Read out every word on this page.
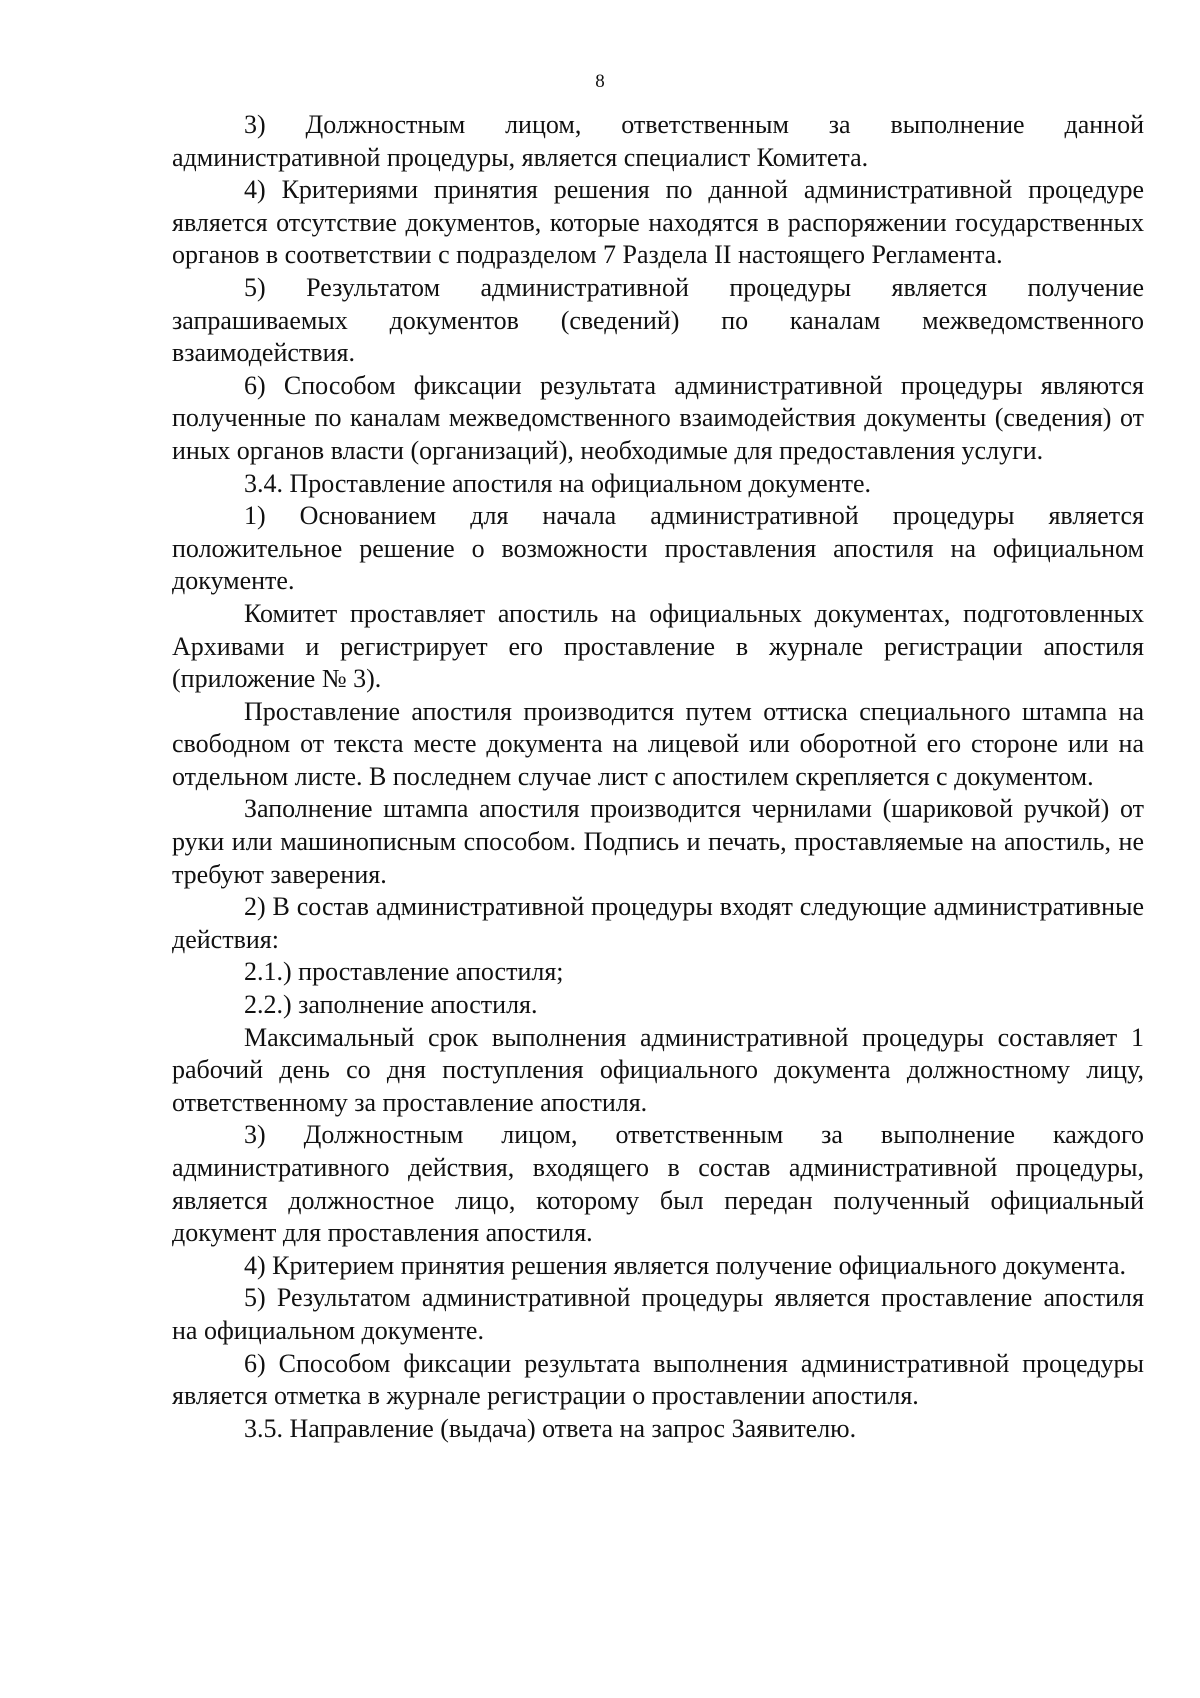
8

3) Должностным лицом, ответственным за выполнение данной административной процедуры, является специалист Комитета.

4) Критериями принятия решения по данной административной процедуре является отсутствие документов, которые находятся в распоряжении государственных органов в соответствии с подразделом 7 Раздела II настоящего Регламента.

5) Результатом административной процедуры является получение запрашиваемых документов (сведений) по каналам межведомственного взаимодействия.

6) Способом фиксации результата административной процедуры являются полученные по каналам межведомственного взаимодействия документы (сведения) от иных органов власти (организаций), необходимые для предоставления услуги.

3.4. Проставление апостиля на официальном документе.

1) Основанием для начала административной процедуры является положительное решение о возможности проставления апостиля на официальном документе.

Комитет проставляет апостиль на официальных документах, подготовленных Архивами и регистрирует его проставление в журнале регистрации апостиля (приложение № 3).

Проставление апостиля производится путем оттиска специального штампа на свободном от текста месте документа на лицевой или оборотной его стороне или на отдельном листе. В последнем случае лист с апостилем скрепляется с документом.

Заполнение штампа апостиля производится чернилами (шариковой ручкой) от руки или машинописным способом. Подпись и печать, проставляемые на апостиль, не требуют заверения.

2) В состав административной процедуры входят следующие административные действия:

2.1.) проставление апостиля;

2.2.) заполнение апостиля.

Максимальный срок выполнения административной процедуры составляет 1 рабочий день со дня поступления официального документа должностному лицу, ответственному за проставление апостиля.

3) Должностным лицом, ответственным за выполнение каждого административного действия, входящего в состав административной процедуры, является должностное лицо, которому был передан полученный официальный документ для проставления апостиля.

4) Критерием принятия решения является получение официального документа.

5) Результатом административной процедуры является проставление апостиля на официальном документе.

6) Способом фиксации результата выполнения административной процедуры является отметка в журнале регистрации о проставлении апостиля.

3.5. Направление (выдача) ответа на запрос Заявителю.
